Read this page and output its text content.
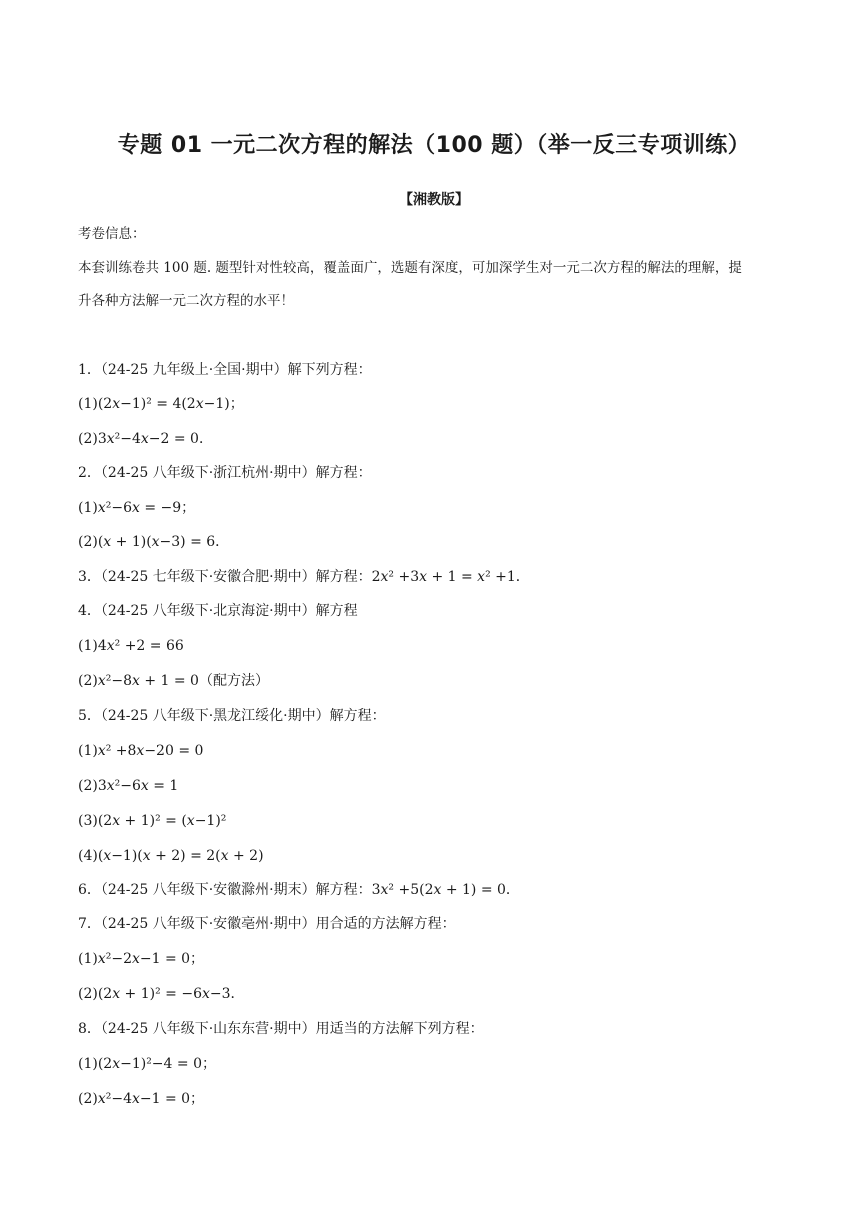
专题 01 一元二次方程的解法（100 题）（举一反三专项训练）
【湘教版】
考卷信息：
本套训练卷共 100 题. 题型针对性较高，覆盖面广，选题有深度，可加深学生对一元二次方程的解法的理解，提
升各种方法解一元二次方程的水平！
1．（24-25 九年级上·全国·期中）解下列方程：
(1)(2𝑥−1)² = 4(2𝑥−1)；
(2)3𝑥²−4𝑥−2 = 0．
2．（24-25 八年级下·浙江杭州·期中）解方程：
(1)𝑥²−6𝑥 = −9；
(2)(𝑥 + 1)(𝑥−3) = 6．
3．（24-25 七年级下·安徽合肥·期中）解方程：2𝑥² +3𝑥 + 1 = 𝑥² +1．
4．（24-25 八年级下·北京海淀·期中）解方程
(1)4𝑥² +2 = 66
(2)𝑥²−8𝑥 + 1 = 0（配方法）
5．（24-25 八年级下·黑龙江绥化·期中）解方程：
(1)𝑥² +8𝑥−20 = 0
(2)3𝑥²−6𝑥 = 1
(3)(2𝑥 + 1)² = (𝑥−1)²
(4)(𝑥−1)(𝑥 + 2) = 2(𝑥 + 2)
6．（24-25 八年级下·安徽滁州·期末）解方程：3𝑥² +5(2𝑥 + 1) = 0．
7．（24-25 八年级下·安徽亳州·期中）用合适的方法解方程：
(1)𝑥²−2𝑥−1 = 0；
(2)(2𝑥 + 1)² = −6𝑥−3．
8．（24-25 八年级下·山东东营·期中）用适当的方法解下列方程：
(1)(2𝑥−1)²−4 = 0；
(2)𝑥²−4𝑥−1 = 0；
